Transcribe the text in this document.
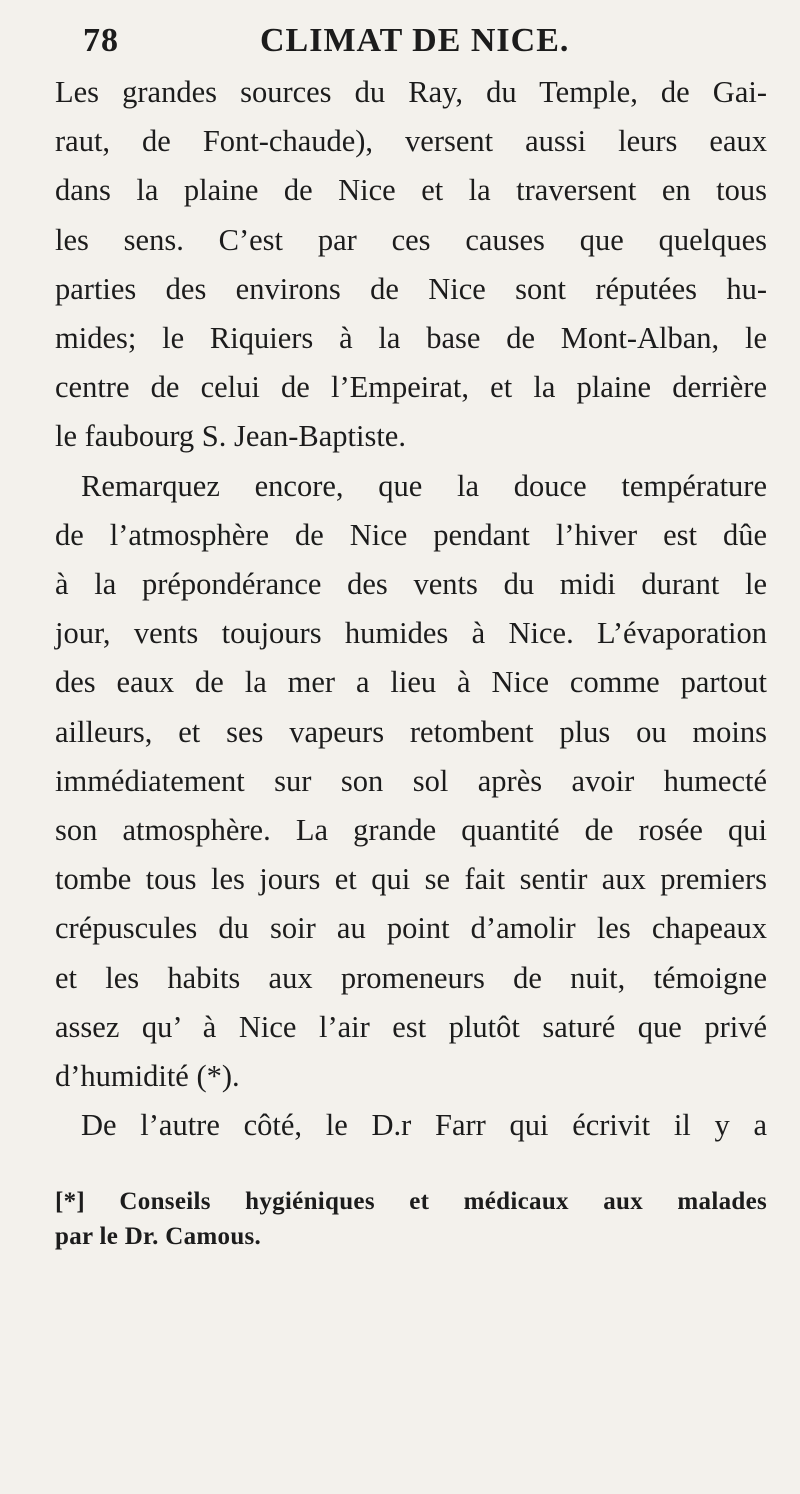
78	CLIMAT DE NICE.
Les grandes sources du Ray, du Temple, de Gai-
raut, de Font-chaude), versent aussi leurs eaux
dans la plaine de Nice et la traversent en tous
les sens. C’est par ces causes que quelques
parties des environs de Nice sont réputées hu-
mides; le Riquiers à la base de Mont-Alban, le
centre de celui de l’Empeirat, et la plaine derrière
le faubourg S. Jean-Baptiste.
Remarquez encore, que la douce température
de l’atmosphère de Nice pendant l’hiver est dûe
à la prépondérance des vents du midi durant le
jour, vents toujours humides à Nice. L’évaporation
des eaux de la mer a lieu à Nice comme partout
ailleurs, et ses vapeurs retombent plus ou moins
immédiatement sur son sol après avoir humecté
son atmosphère. La grande quantité de rosée qui
tombe tous les jours et qui se fait sentir aux premiers
crépuscules du soir au point d’amolir les chapeaux
et les habits aux promeneurs de nuit, témoigne
assez qu’ à Nice l’air est plutôt saturé que privé
d’humidité (*).
De l’autre côté, le D.r Farr qui écrivit il y a
[*] Conseils hygiéniques et médicaux aux malades
par le Dr. Camous.
